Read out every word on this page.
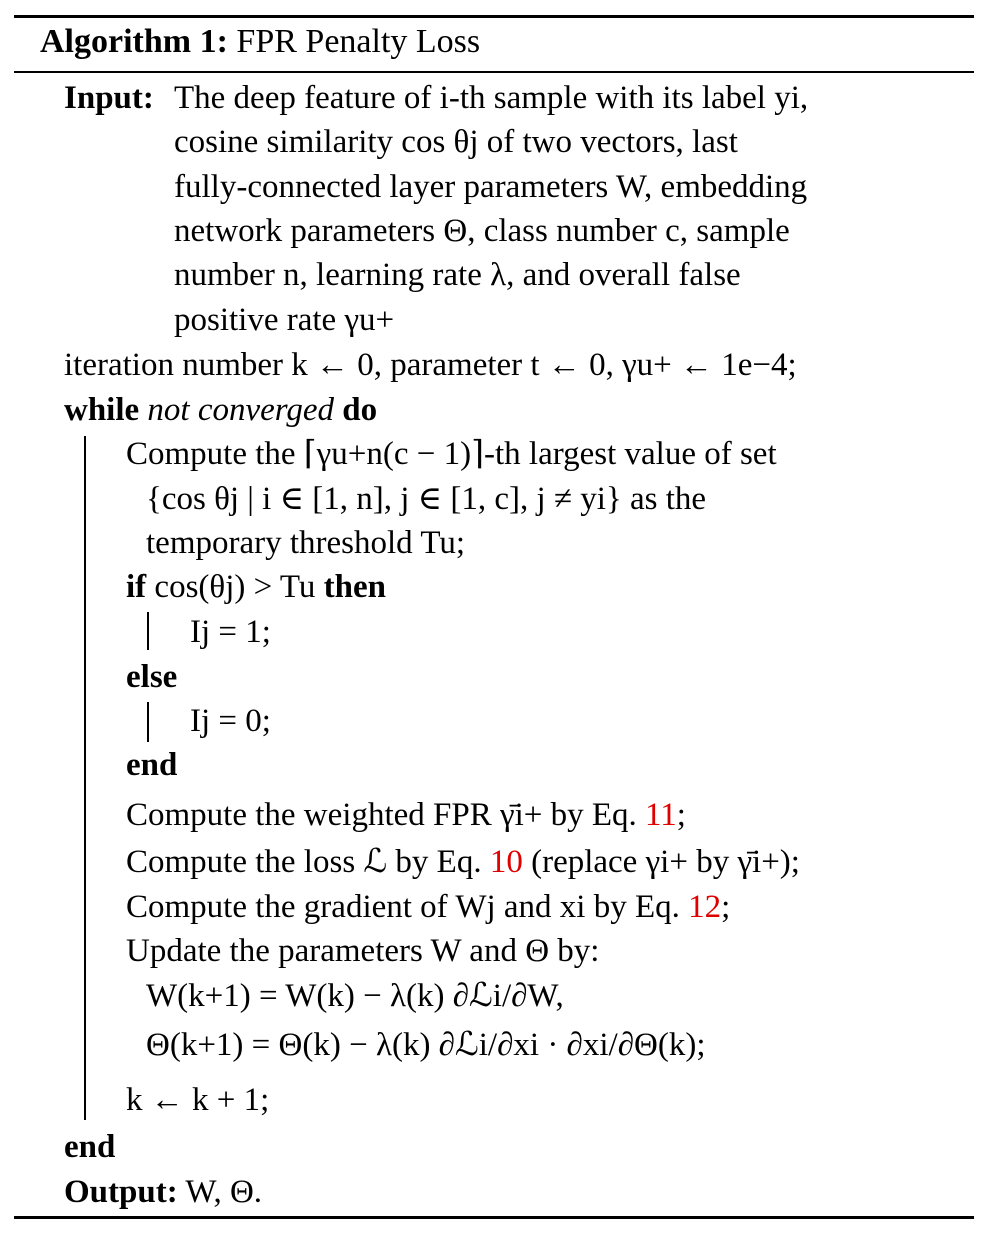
Algorithm 1: FPR Penalty Loss
Input: The deep feature of i-th sample with its label yi,
cosine similarity cos θj of two vectors, last
fully-connected layer parameters W, embedding
network parameters Θ, class number c, sample
number n, learning rate λ, and overall false
positive rate γu+
iteration number k ← 0, parameter t ← 0, γu+ ← 1e−4;
while not converged do
Compute the ⌈γu+n(c − 1)⌉-th largest value of set
{cos θj | i ∈ [1, n], j ∈ [1, c], j ≠ yi} as the
temporary threshold Tu;
if cos(θj) > Tu then
Ij = 1;
else
Ij = 0;
end
Compute the weighted FPR γ̄i+ by Eq. 11;
Compute the loss ℒ by Eq. 10 (replace γi+ by γ̄i+);
Compute the gradient of Wj and xi by Eq. 12;
Update the parameters W and Θ by:
W(k+1) = W(k) − λ(k) ∂ℒi/∂W,
Θ(k+1) = Θ(k) − λ(k) ∂ℒi/∂xi · ∂xi/∂Θ(k);
k ← k + 1;
end
Output: W, Θ.
